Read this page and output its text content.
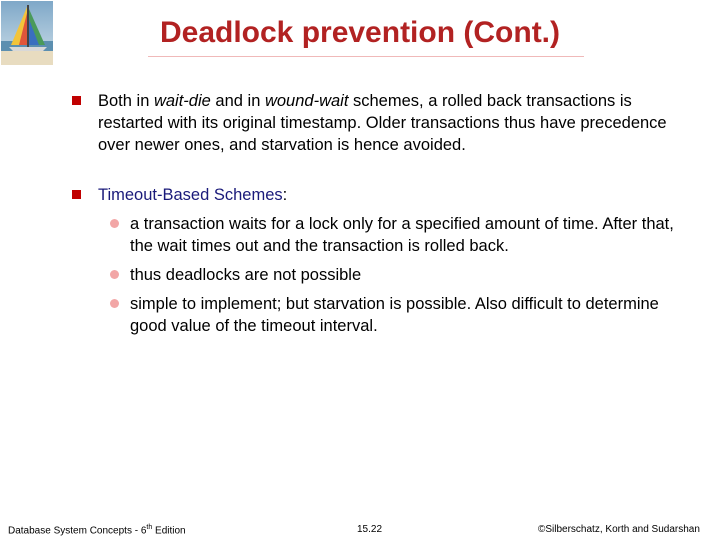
Deadlock prevention (Cont.)
Both in wait-die and in wound-wait schemes, a rolled back transactions is restarted with its original timestamp. Older transactions thus have precedence over newer ones, and starvation is hence avoided.
Timeout-Based Schemes:
a transaction waits for a lock only for a specified amount of time. After that, the wait times out and the transaction is rolled back.
thus deadlocks are not possible
simple to implement; but starvation is possible. Also difficult to determine good value of the timeout interval.
Database System Concepts - 6th Edition	15.22	©Silberschatz, Korth and Sudarshan
